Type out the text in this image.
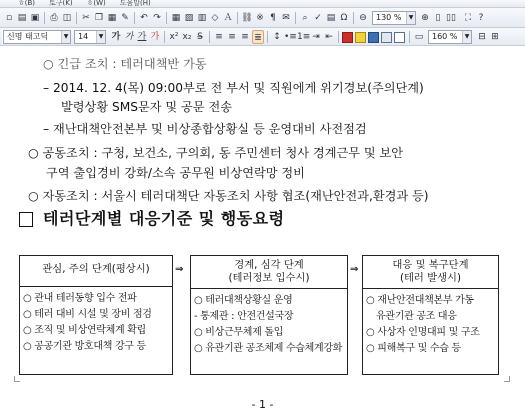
ㅎ(B) 토구(K) ㅎ(W) 도움말(H)
▫ ▤ ▣ ⎙ ◫ ✂ ❐ ▦ ✎ ↶ ↷ ▦ ▨ ▥ ◇ Ａ ⛓ ※ ¶ ✉	⌕ ✓ ▤ Ω ⊖	130 %	▼ ⊕ ▯ ▯▯ ⛶ ?
신명 태고딕	▼	14	▼ 가 가 가 가 x² x₂ S̶	≡ ≡ ≡ ≣ ↕ •≡ 1≡ ⇥ ⇤	▭	160 %	▼ ⊟ ⊞
○ 긴급 조치 : 테러대책반 가동
– 2014. 12. 4(목) 09:00부로 전 부서 및 직원에게 위기경보(주의단계)
발령상황 SMS문자 및 공문 전송
– 재난대책안전본부 및 비상종합상황실 등 운영대비 사전점검
○ 공동조치 : 구청, 보건소, 구의회, 동 주민센터 청사 경계근무 및 보안
구역 출입경비 강화/소속 공무원 비상연락망 정비
○ 자동조치 : 서울시 테러대책단 자동조치 사항 협조(재난안전과,환경과 등)
테러단계별 대응기준 및 행동요령
관심, 주의 단계(평상시)
○ 관내 테러동향 입수 전파
○ 테러 대비 시설 및 장비 점검
○ 조직 및 비상연락체계 확립
○ 공공기관 방호대책 강구 등
⇒	경계, 심각 단계
(테러정보 입수시)
○ 테러대책상황실 운영
- 통제관 : 안전건설국장
○ 비상근무체제 돌입
○ 유관기관 공조체제 수습체계강화
⇒	대응 및 복구단계
(테러 발생시)
○ 재난안전대책본부 가동
유관기관 공조 대응
○ 사상자 인명대피 및 구조
○ 피해복구 및 수습 등
- 1 -
